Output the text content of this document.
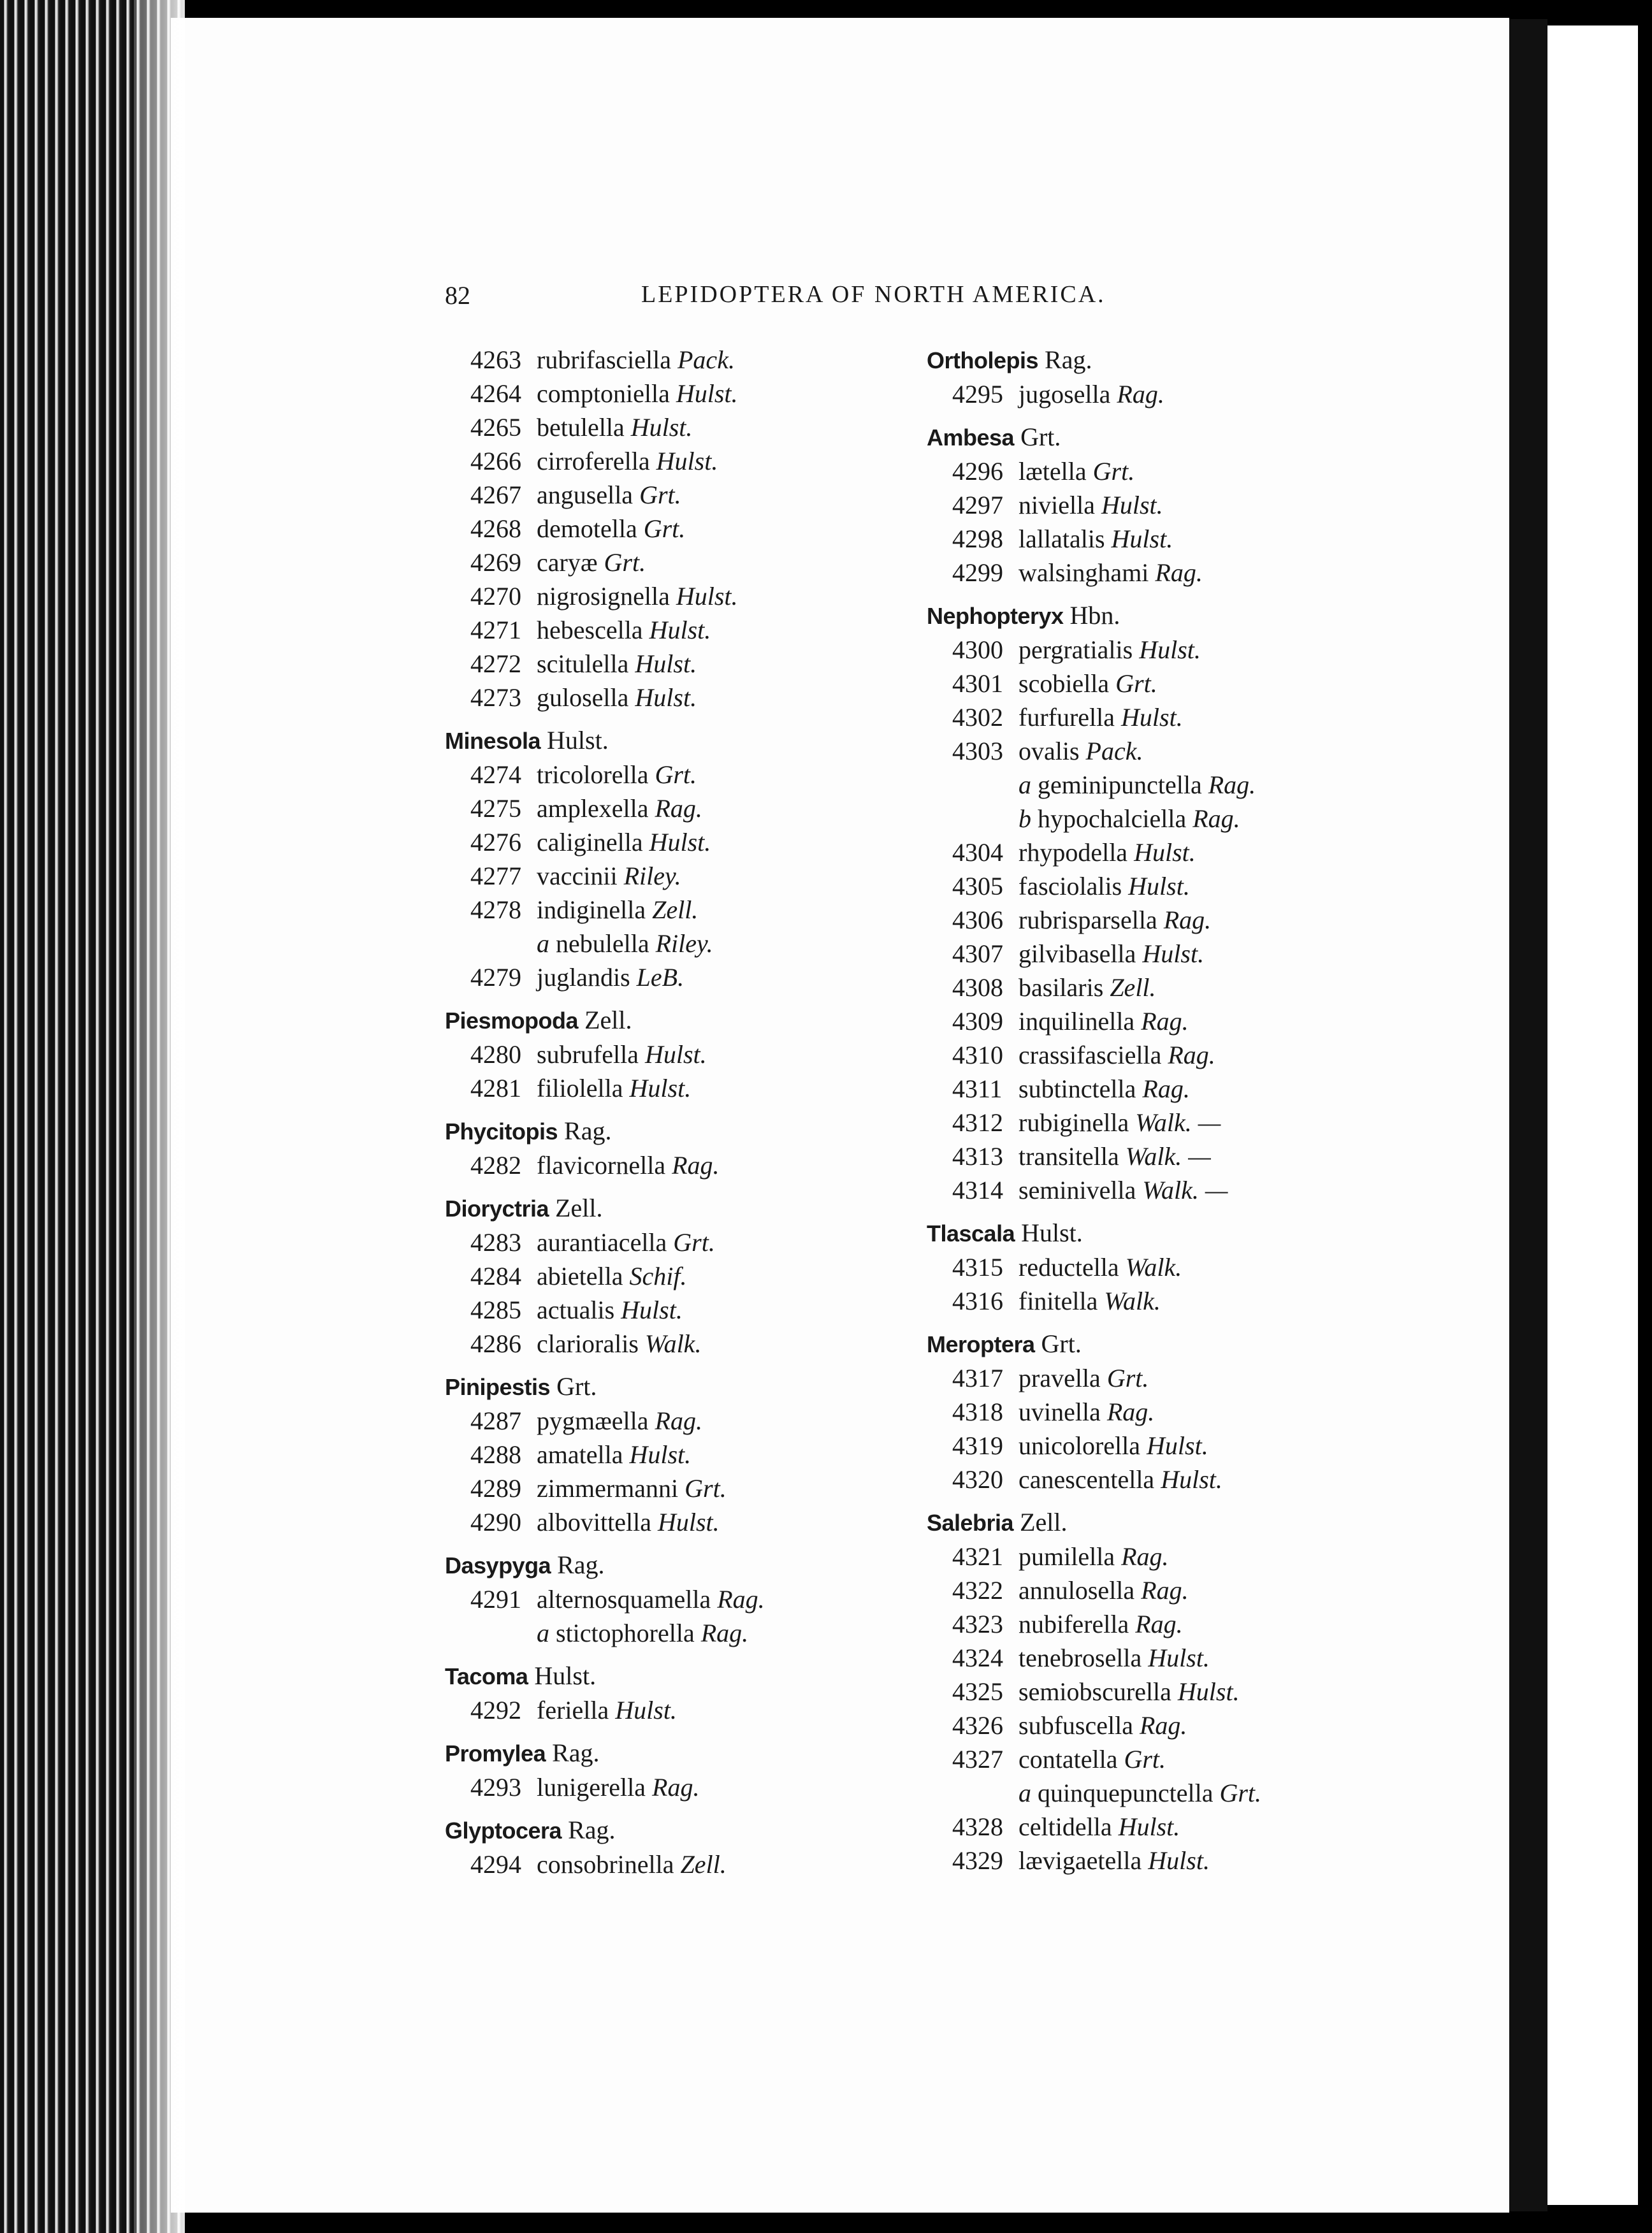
82	LEPIDOPTERA OF NORTH AMERICA.
4263 rubrifasciella Pack.
4264 comptoniella Hulst.
4265 betulella Hulst.
4266 cirroferella Hulst.
4267 angusella Grt.
4268 demotella Grt.
4269 caryæ Grt.
4270 nigrosignella Hulst.
4271 hebescella Hulst.
4272 scitulella Hulst.
4273 gulosella Hulst.
Minesola Hulst.
4274 tricolorella Grt.
4275 amplexella Rag.
4276 caliginella Hulst.
4277 vaccinii Riley.
4278 indiginella Zell.
a nebulella Riley.
4279 juglandis LeB.
Piesmopoda Zell.
4280 subrufella Hulst.
4281 filiolella Hulst.
Phycitopis Rag.
4282 flavicornella Rag.
Dioryctria Zell.
4283 aurantiacella Grt.
4284 abietella Schif.
4285 actualis Hulst.
4286 clarioralis Walk.
Pinipestis Grt.
4287 pygmæella Rag.
4288 amatella Hulst.
4289 zimmermanni Grt.
4290 albovittella Hulst.
Dasypyga Rag.
4291 alternosquamella Rag.
a stictophorella Rag.
Tacoma Hulst.
4292 feriella Hulst.
Promylea Rag.
4293 lunigerella Rag.
Glyptocera Rag.
4294 consobrinella Zell.
Ortholepis Rag.
4295 jugosella Rag.
Ambesa Grt.
4296 lætella Grt.
4297 niviella Hulst.
4298 lallatalis Hulst.
4299 walsinghami Rag.
Nephopteryx Hbn.
4300 pergratialis Hulst.
4301 scobiella Grt.
4302 furfurella Hulst.
4303 ovalis Pack.
a geminipunctella Rag.
b hypochalciella Rag.
4304 rhypodella Hulst.
4305 fasciolalis Hulst.
4306 rubrisparsella Rag.
4307 gilvibasella Hulst.
4308 basilaris Zell.
4309 inquilinella Rag.
4310 crassifasciella Rag.
4311 subtinctella Rag.
4312 rubiginella Walk. —
4313 transitella Walk. —
4314 seminivella Walk. —
Tlascala Hulst.
4315 reductella Walk.
4316 finitella Walk.
Meroptera Grt.
4317 pravella Grt.
4318 uvinella Rag.
4319 unicolorella Hulst.
4320 canescentella Hulst.
Salebria Zell.
4321 pumilella Rag.
4322 annulosella Rag.
4323 nubiferella Rag.
4324 tenebrosella Hulst.
4325 semiobscurella Hulst.
4326 subfuscella Rag.
4327 contatella Grt.
a quinquepunctella Grt.
4328 celtidella Hulst.
4329 lævigaetella Hulst.
